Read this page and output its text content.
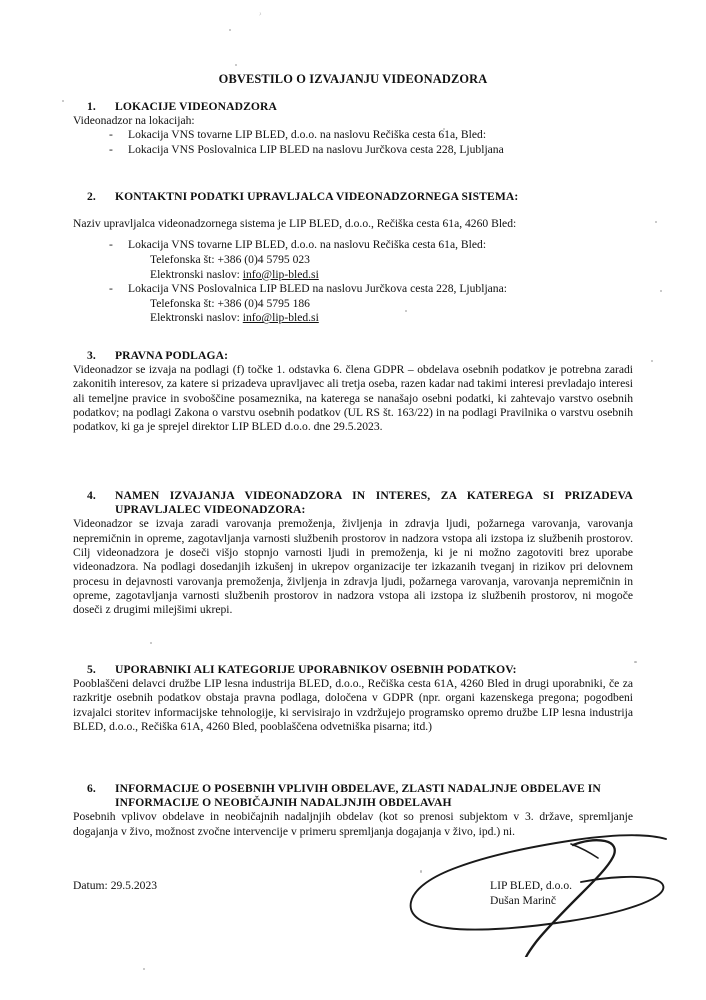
›
OBVESTILO O IZVAJANJU VIDEONADZORA
1. LOKACIJE VIDEONADZORA

Videonadzor na lokacijah:

- Lokacija VNS tovarne LIP BLED, d.o.o. na naslovu Rečiška cesta 61a, Bled:
- Lokacija VNS Poslovalnica LIP BLED na naslovu Jurčkova cesta 228, Ljubljana
2. KONTAKTNI PODATKI UPRAVLJALCA VIDEONADZORNEGA SISTEMA:

Naziv upravljalca videonadzornega sistema je LIP BLED, d.o.o., Rečiška cesta 61a, 4260 Bled:

- Lokacija VNS tovarne LIP BLED, d.o.o. na naslovu Rečiška cesta 61a, Bled:
Telefonska št: +386 (0)4 5795 023
Elektronski naslov: info@lip-bled.si
- Lokacija VNS Poslovalnica LIP BLED na naslovu Jurčkova cesta 228, Ljubljana:
Telefonska št: +386 (0)4 5795 186
Elektronski naslov: info@lip-bled.si
3. PRAVNA PODLAGA:

Videonadzor se izvaja na podlagi (f) točke 1. odstavka 6. člena GDPR – obdelava osebnih podatkov je potrebna zaradi zakonitih interesov, za katere si prizadeva upravljavec ali tretja oseba, razen kadar nad takimi interesi prevladajo interesi ali temeljne pravice in svoboščine posameznika, na katerega se nanašajo osebni podatki, ki zahtevajo varstvo osebnih podatkov; na podlagi Zakona o varstvu osebnih podatkov (UL RS št. 163/22) in na podlagi Pravilnika o varstvu osebnih podatkov, ki ga je sprejel direktor LIP BLED d.o.o. dne 29.5.2023.

4. NAMEN IZVAJANJA VIDEONADZORA IN INTERES, ZA KATEREGA SI PRIZADEVA UPRAVLJALEC VIDEONADZORA:

Videonadzor se izvaja zaradi varovanja premoženja, življenja in zdravja ljudi, požarnega varovanja, varovanja nepremičnin in opreme, zagotavljanja varnosti službenih prostorov in nadzora vstopa ali izstopa iz službenih prostorov. Cilj videonadzora je doseči višjo stopnjo varnosti ljudi in premoženja, ki je ni možno zagotoviti brez uporabe videonadzora. Na podlagi dosedanjih izkušenj in ukrepov organizacije ter izkazanih tveganj in rizikov pri delovnem procesu in dejavnosti varovanja premoženja, življenja in zdravja ljudi, požarnega varovanja, varovanja nepremičnin in opreme, zagotavljanja varnosti službenih prostorov in nadzora vstopa ali izstopa iz službenih prostorov, ni mogoče doseči z drugimi milejšimi ukrepi.

5. UPORABNIKI ALI KATEGORIJE UPORABNIKOV OSEBNIH PODATKOV:

Pooblaščeni delavci družbe LIP lesna industrija BLED, d.o.o., Rečiška cesta 61A, 4260 Bled in drugi uporabniki, če za razkritje osebnih podatkov obstaja pravna podlaga, določena v GDPR (npr. organi kazenskega pregona; pogodbeni izvajalci storitev informacijske tehnologije, ki servisirajo in vzdržujejo programsko opremo družbe LIP lesna industrija BLED, d.o.o., Rečiška 61A, 4260 Bled, pooblaščena odvetniška pisarna; itd.)

6. INFORMACIJE O POSEBNIH VPLIVIH OBDELAVE, ZLASTI NADALJNJE OBDELAVE IN INFORMACIJE O NEOBIČAJNIH NADALJNJIH OBDELAVAH

Posebnih vplivov obdelave in neobičajnih nadaljnjih obdelav (kot so prenosi subjektom v 3. države, spremljanje dogajanja v živo, možnost zvočne intervencije v primeru spremljanja dogajanja v živo, ipd.) ni.

Datum: 29.5.2023	LIP BLED, d.o.o.
Dušan Marinč
